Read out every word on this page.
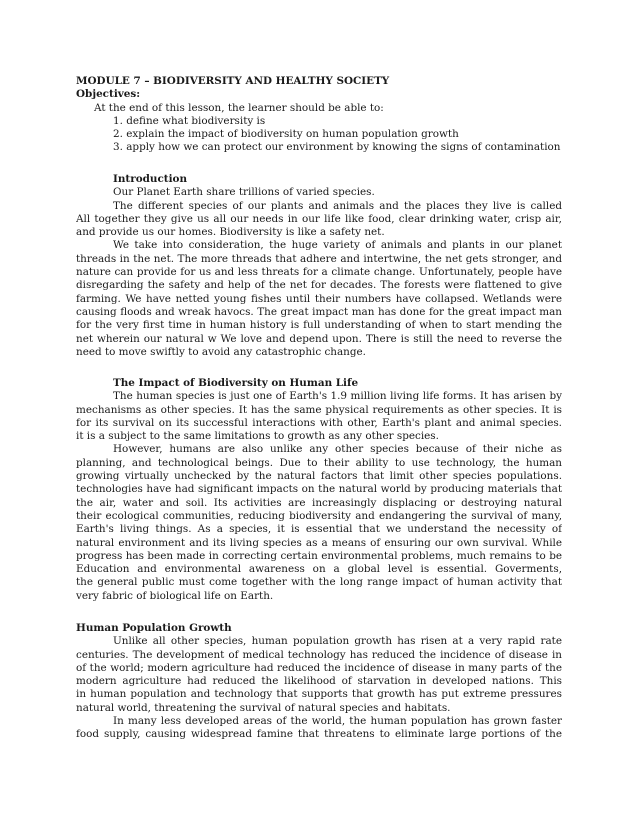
MODULE 7 – BIODIVERSITY AND HEALTHY SOCIETY
Objectives:
At the end of this lesson, the learner should be able to:
1. define what biodiversity is
2. explain the impact of biodiversity on human population growth
3. apply how we can protect our environment by knowing the signs of contamination
Introduction
Our Planet Earth share trillions of varied species.
The different species of our plants and animals and the places they live is called
All together they give us all our needs in our life like food, clear drinking water, crisp air,
and provide us our homes. Biodiversity is like a safety net.
We take into consideration, the huge variety of animals and plants in our planet
threads in the net. The more threads that adhere and intertwine, the net gets stronger, and
nature can provide for us and less threats for a climate change. Unfortunately, people have
disregarding the safety and help of the net for decades. The forests were flattened to give
farming. We have netted young fishes until their numbers have collapsed. Wetlands were
causing floods and wreak havocs. The great impact man has done for the great impact man
for the very first time in human history is full understanding of when to start mending the
net wherein our natural w We love and depend upon. There is still the need to reverse the
need to move swiftly to avoid any catastrophic change.
The Impact of Biodiversity on Human Life
The human species is just one of Earth's 1.9 million living life forms. It has arisen by
mechanisms as other species. It has the same physical requirements as other species. It is
for its survival on its successful interactions with other, Earth's plant and animal species.
it is a subject to the same limitations to growth as any other species.
However, humans are also unlike any other species because of their niche as
planning, and technological beings. Due to their ability to use technology, the human
growing virtually unchecked by the natural factors that limit other species populations.
technologies have had significant impacts on the natural world by producing materials that
the air, water and soil. Its activities are increasingly displacing or destroying natural
their ecological communities, reducing biodiversity and endangering the survival of many,
Earth's living things. As a species, it is essential that we understand the necessity of
natural environment and its living species as a means of ensuring our own survival. While
progress has been made in correcting certain environmental problems, much remains to be
Education and environmental awareness on a global level is essential. Goverments,
the general public must come together with the long range impact of human activity that
very fabric of biological life on Earth.
Human Population Growth
Unlike all other species, human population growth has risen at a very rapid rate
centuries. The development of medical technology has reduced the incidence of disease in
of the world; modern agriculture had reduced the incidence of disease in many parts of the
modern agriculture had reduced the likelihood of starvation in developed nations. This
in human population and technology that supports that growth has put extreme pressures
natural world, threatening the survival of natural species and habitats.
In many less developed areas of the world, the human population has grown faster
food supply, causing widespread famine that threatens to eliminate large portions of the
